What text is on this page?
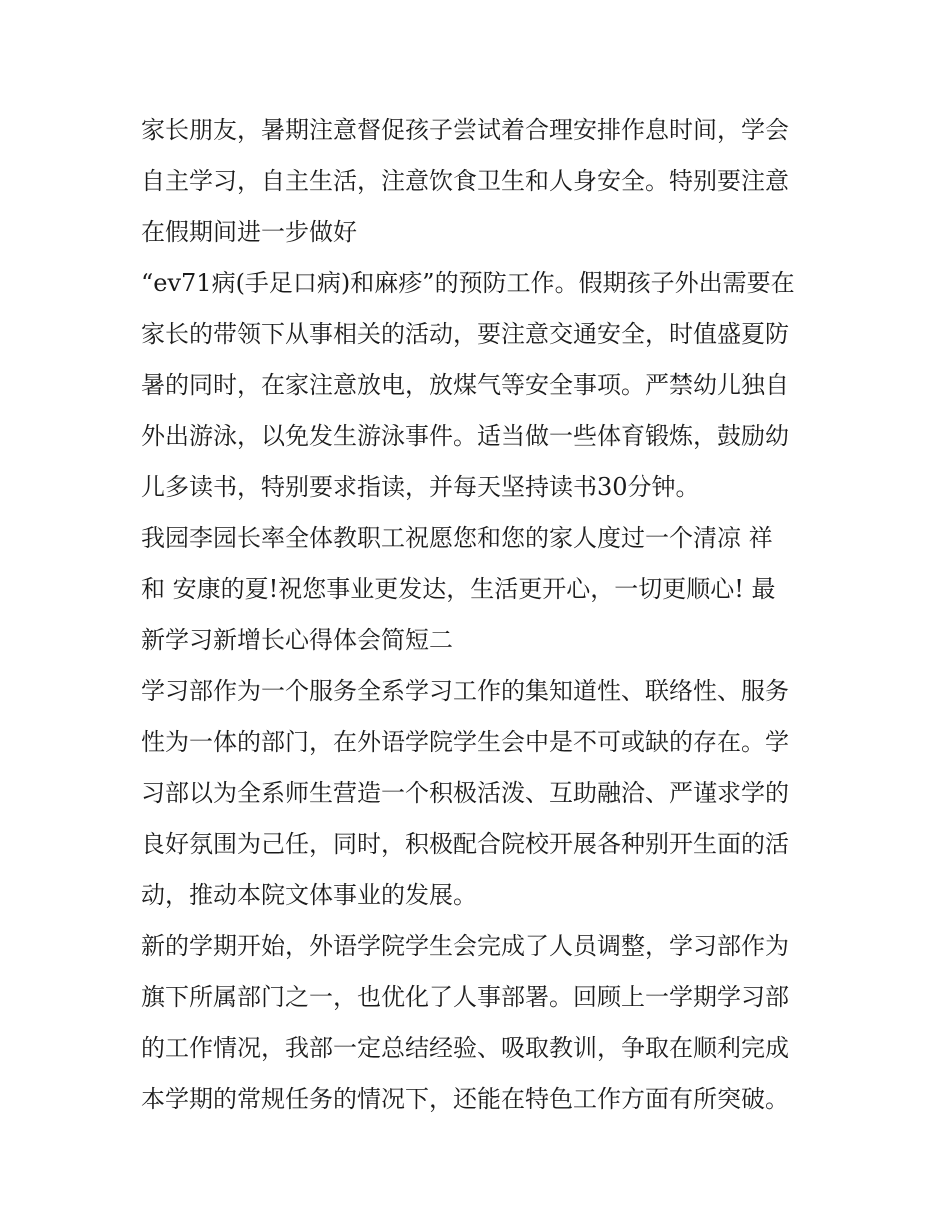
家长朋友，暑期注意督促孩子尝试着合理安排作息时间，学会
自主学习，自主生活，注意饮食卫生和人身安全。特别要注意
在假期间进一步做好
“ev71病(手足口病)和麻疹”的预防工作。假期孩子外出需要在
家长的带领下从事相关的活动，要注意交通安全，时值盛夏防
暑的同时，在家注意放电，放煤气等安全事项。严禁幼儿独自
外出游泳，以免发生游泳事件。适当做一些体育锻炼，鼓励幼
儿多读书，特别要求指读，并每天坚持读书30分钟。
我园李园长率全体教职工祝愿您和您的家人度过一个清凉 祥
和 安康的夏!祝您事业更发达，生活更开心，一切更顺心! 最
新学习新增长心得体会简短二
学习部作为一个服务全系学习工作的集知道性、联络性、服务
性为一体的部门，在外语学院学生会中是不可或缺的存在。学
习部以为全系师生营造一个积极活泼、互助融洽、严谨求学的
良好氛围为己任，同时，积极配合院校开展各种别开生面的活
动，推动本院文体事业的发展。
新的学期开始，外语学院学生会完成了人员调整，学习部作为
旗下所属部门之一，也优化了人事部署。回顾上一学期学习部
的工作情况，我部一定总结经验、吸取教训，争取在顺利完成
本学期的常规任务的情况下，还能在特色工作方面有所突破。
